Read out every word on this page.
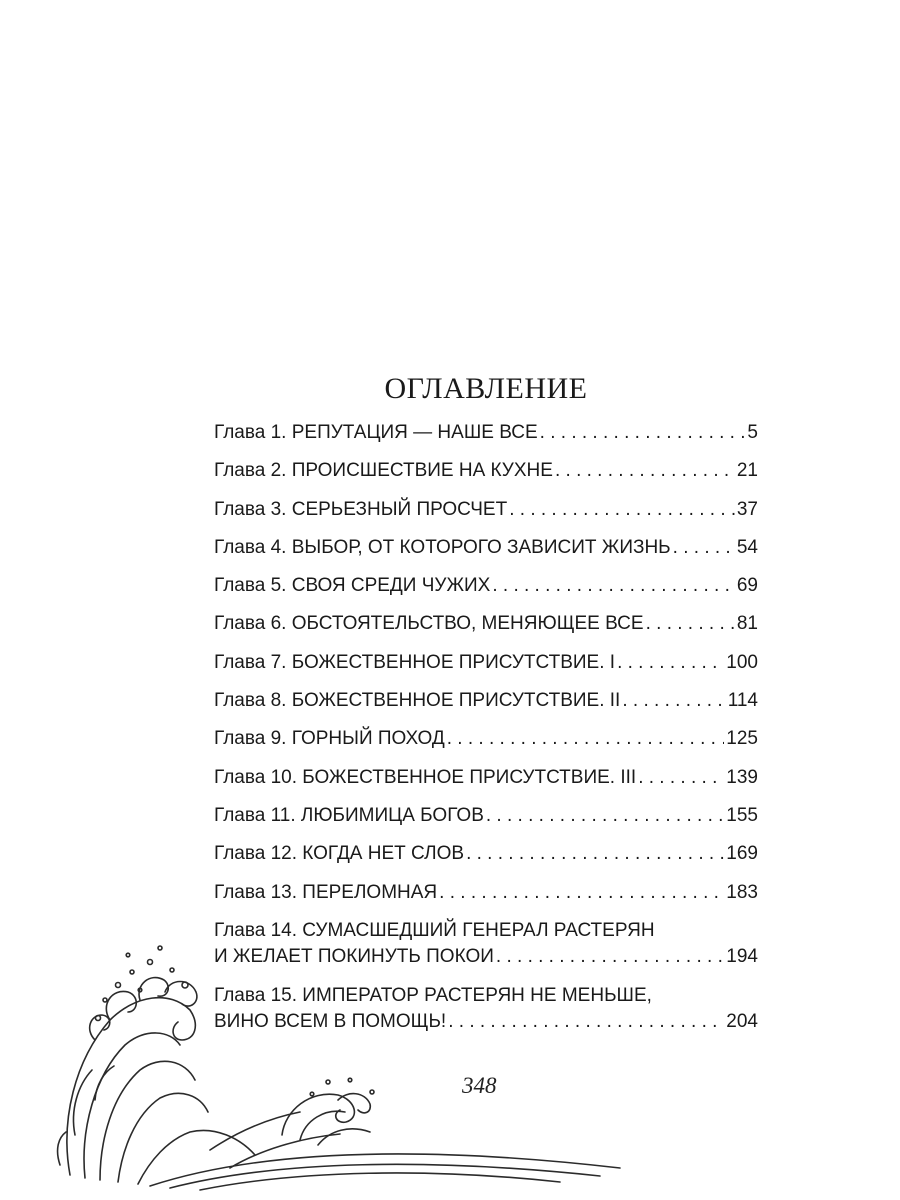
ОГЛАВЛЕНИЕ
Глава 1. РЕПУТАЦИЯ — НАШЕ ВСЕ . . .	5
Глава 2. ПРОИСШЕСТВИЕ НА КУХНЕ . . .	21
Глава 3. СЕРЬЕЗНЫЙ ПРОСЧЕТ . . .	37
Глава 4. ВЫБОР, ОТ КОТОРОГО ЗАВИСИТ ЖИЗНЬ . . .	54
Глава 5. СВОЯ СРЕДИ ЧУЖИХ . . .	69
Глава 6. ОБСТОЯТЕЛЬСТВО, МЕНЯЮЩЕЕ ВСЕ . . .	81
Глава 7. БОЖЕСТВЕННОЕ ПРИСУТСТВИЕ. I . . .	100
Глава 8. БОЖЕСТВЕННОЕ ПРИСУТСТВИЕ. II . . .	114
Глава 9. ГОРНЫЙ ПОХОД . . .	125
Глава 10. БОЖЕСТВЕННОЕ ПРИСУТСТВИЕ. III . . .	139
Глава 11. ЛЮБИМИЦА БОГОВ . . .	155
Глава 12. КОГДА НЕТ СЛОВ . . .	169
Глава 13. ПЕРЕЛОМНАЯ . . .	183
Глава 14. СУМАСШЕДШИЙ ГЕНЕРАЛ РАСТЕРЯН
И ЖЕЛАЕТ ПОКИНУТЬ ПОКОИ . . .	194
Глава 15. ИМПЕРАТОР РАСТЕРЯН НЕ МЕНЬШЕ,
ВИНО ВСЕМ В ПОМОЩЬ! . . .	204
348
